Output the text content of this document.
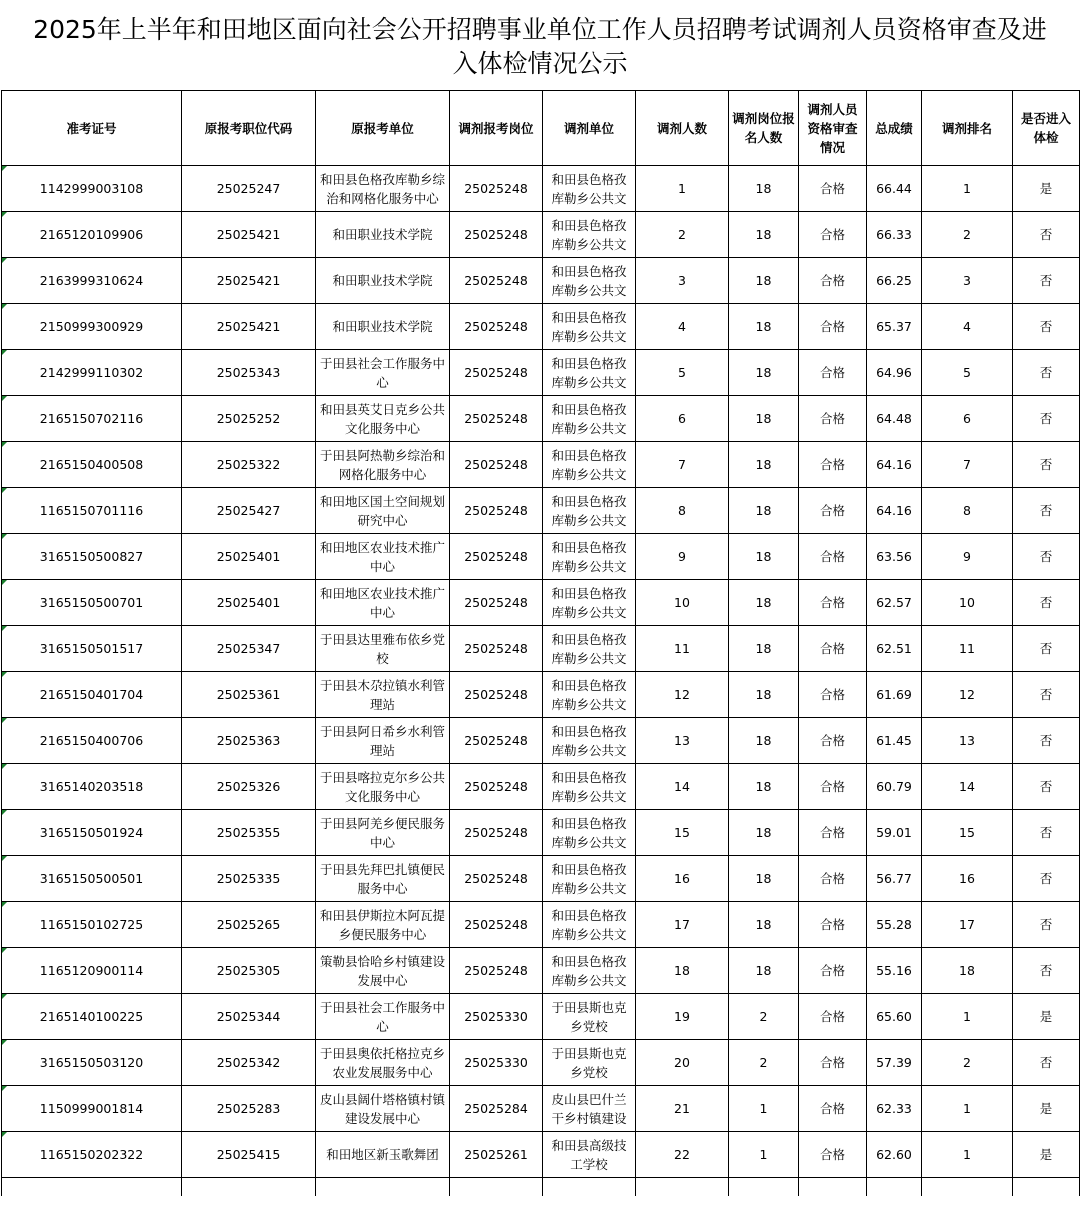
2025年上半年和田地区面向社会公开招聘事业单位工作人员招聘考试调剂人员资格审查及进入体检情况公示
准考证号	原报考职位代码	原报考单位	调剂报考岗位	调剂单位	调剂人数	调剂岗位报名人数	调剂人员资格审查情况	总成绩	调剂排名	是否进入体检

1142999003108	25025247	和田县色格孜库勒乡综治和网格化服务中心	25025248	和田县色格孜库勒乡公共文	1	18	合格	66.44	1	是

2165120109906	25025421	和田职业技术学院	25025248	和田县色格孜库勒乡公共文	2	18	合格	66.33	2	否

2163999310624	25025421	和田职业技术学院	25025248	和田县色格孜库勒乡公共文	3	18	合格	66.25	3	否

2150999300929	25025421	和田职业技术学院	25025248	和田县色格孜库勒乡公共文	4	18	合格	65.37	4	否

2142999110302	25025343	于田县社会工作服务中心	25025248	和田县色格孜库勒乡公共文	5	18	合格	64.96	5	否

2165150702116	25025252	和田县英艾日克乡公共文化服务中心	25025248	和田县色格孜库勒乡公共文	6	18	合格	64.48	6	否

2165150400508	25025322	于田县阿热勒乡综治和网格化服务中心	25025248	和田县色格孜库勒乡公共文	7	18	合格	64.16	7	否

1165150701116	25025427	和田地区国土空间规划研究中心	25025248	和田县色格孜库勒乡公共文	8	18	合格	64.16	8	否

3165150500827	25025401	和田地区农业技术推广中心	25025248	和田县色格孜库勒乡公共文	9	18	合格	63.56	9	否

3165150500701	25025401	和田地区农业技术推广中心	25025248	和田县色格孜库勒乡公共文	10	18	合格	62.57	10	否

3165150501517	25025347	于田县达里雅布依乡党校	25025248	和田县色格孜库勒乡公共文	11	18	合格	62.51	11	否

2165150401704	25025361	于田县木尕拉镇水利管理站	25025248	和田县色格孜库勒乡公共文	12	18	合格	61.69	12	否

2165150400706	25025363	于田县阿日希乡水利管理站	25025248	和田县色格孜库勒乡公共文	13	18	合格	61.45	13	否

3165140203518	25025326	于田县喀拉克尔乡公共文化服务中心	25025248	和田县色格孜库勒乡公共文	14	18	合格	60.79	14	否

3165150501924	25025355	于田县阿羌乡便民服务中心	25025248	和田县色格孜库勒乡公共文	15	18	合格	59.01	15	否

3165150500501	25025335	于田县先拜巴扎镇便民服务中心	25025248	和田县色格孜库勒乡公共文	16	18	合格	56.77	16	否

1165150102725	25025265	和田县伊斯拉木阿瓦提乡便民服务中心	25025248	和田县色格孜库勒乡公共文	17	18	合格	55.28	17	否

1165120900114	25025305	策勒县恰哈乡村镇建设发展中心	25025248	和田县色格孜库勒乡公共文	18	18	合格	55.16	18	否

2165140100225	25025344	于田县社会工作服务中心	25025330	于田县斯也克乡党校	19	2	合格	65.60	1	是

3165150503120	25025342	于田县奥依托格拉克乡农业发展服务中心	25025330	于田县斯也克乡党校	20	2	合格	57.39	2	否

1150999001814	25025283	皮山县阔什塔格镇村镇建设发展中心	25025284	皮山县巴什兰干乡村镇建设	21	1	合格	62.33	1	是

1165150202322	25025415	和田地区新玉歌舞团	25025261	和田县高级技工学校	22	1	合格	62.60	1	是
